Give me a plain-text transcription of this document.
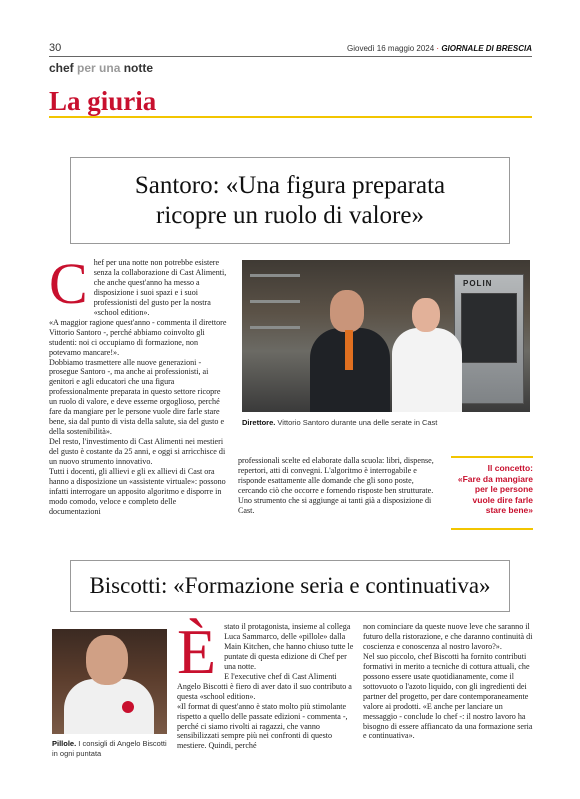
30	Giovedì 16 maggio 2024 · GIORNALE DI BRESCIA
chef per una notte
La giuria
Santoro: «Una figura preparata
ricopre un ruolo di valore»
C hef per una notte non potrebbe esistere senza la collaborazione di Cast Alimenti, che anche quest'anno ha messo a disposizione i suoi spazi e i suoi professionisti del gusto per la nostra «school edition».

«A maggior ragione quest'anno - commenta il direttore Vittorio Santoro -, perché abbiamo coinvolto gli studenti: noi ci occupiamo di formazione, non potevamo mancare!».

Dobbiamo trasmettere alle nuove generazioni - prosegue Santoro -, ma anche ai professionisti, ai genitori e agli educatori che una figura professionalmente preparata in questo settore ricopre un ruolo di valore, e deve esserne orgoglioso, perché fare da mangiare per le persone vuole dire farle stare bene, sia dal punto di vista della salute, sia del gusto e della sostenibilità».

Del resto, l'investimento di Cast Alimenti nei mestieri del gusto è costante da 25 anni, e oggi si arricchisce di un nuovo strumento innovativo.

Tutti i docenti, gli allievi e gli ex allievi di Cast ora hanno a disposizione un «assistente virtuale»: possono infatti interrogare un apposito algoritmo e disporre in modo comodo, veloce e completo delle documentazioni

POLIN
Direttore. Vittorio Santoro durante una delle serate in Cast

professionali scelte ed elaborate dalla scuola: libri, dispense, repertori, atti di convegni. L'algoritmo è interrogabile e risponde esattamente alle domande che gli sono poste, cercando ciò che occorre e fornendo risposte ben strutturate.

Uno strumento che si aggiunge ai tanti già a disposizione di Cast.

Il concetto:
«Fare da mangiare per le persone vuole dire farle stare bene»
Biscotti: «Formazione seria e continuativa»
Pillole. I consigli di Angelo Biscotti in ogni puntata
È stato il protagonista, insieme al collega Luca Sammarco, delle «pillole» dalla Main Kitchen, che hanno chiuso tutte le puntate di questa edizione di Chef per una notte.

E l'executive chef di Cast Alimenti Angelo Biscotti è fiero di aver dato il suo contributo a questa «school edition».

«Il format di quest'anno è stato molto più stimolante rispetto a quello delle passate edizioni - commenta -, perché ci siamo rivolti ai ragazzi, che vanno sensibilizzati sempre più nei confronti di questo mestiere. Quindi, perché

non cominciare da queste nuove leve che saranno il futuro della ristorazione, e che daranno continuità di coscienza e conoscenza al nostro lavoro?».

Nel suo piccolo, chef Biscotti ha fornito contributi formativi in merito a tecniche di cottura attuali, che possono essere usate quotidianamente, come il sottovuoto o l'azoto liquido, con gli ingredienti dei partner del progetto, per dare contemporaneamente valore ai prodotti. «E anche per lanciare un messaggio - conclude lo chef -: il nostro lavoro ha bisogno di essere affiancato da una formazione seria e continuativa».
